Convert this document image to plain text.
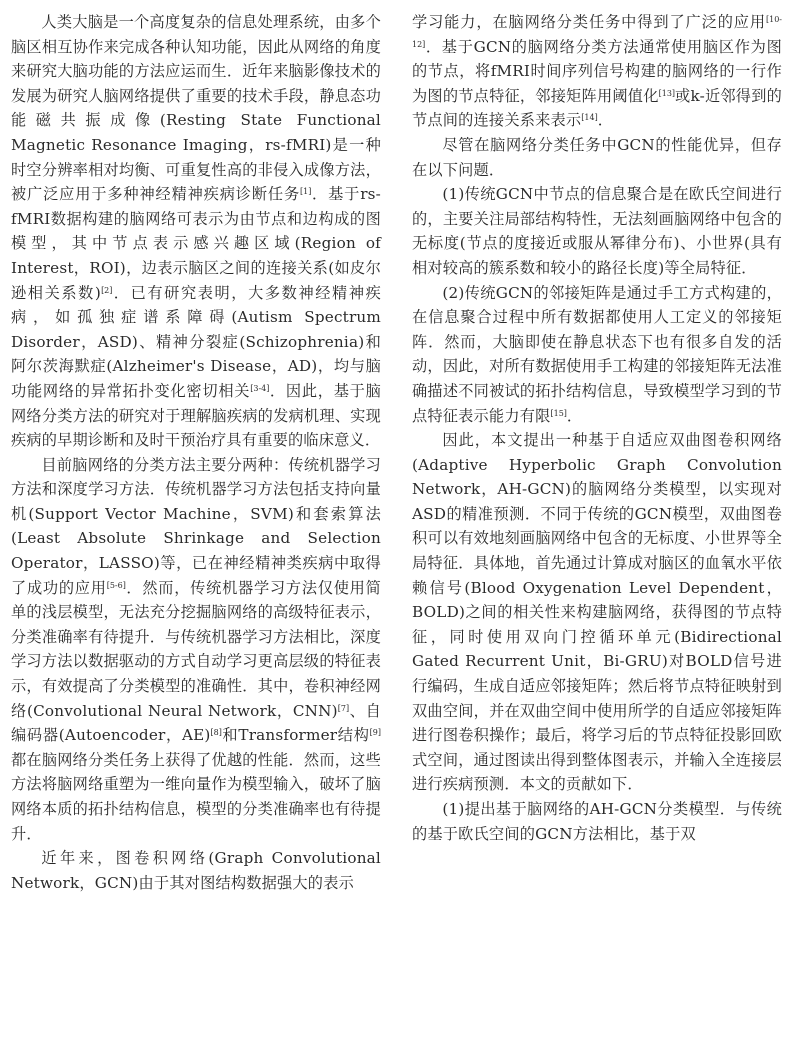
人类大脑是一个高度复杂的信息处理系统，由多个脑区相互协作来完成各种认知功能，因此从网络的角度来研究大脑功能的方法应运而生．近年来脑影像技术的发展为研究人脑网络提供了重要的技术手段，静息态功能磁共振成像(Resting State Functional Magnetic Resonance Imaging，rs-fMRI)是一种时空分辨率相对均衡、可重复性高的非侵入成像方法，被广泛应用于多种神经精神疾病诊断任务[1]．基于rs-fMRI数据构建的脑网络可表示为由节点和边构成的图模型，其中节点表示感兴趣区域(Region of Interest，ROI)，边表示脑区之间的连接关系(如皮尔逊相关系数)[2]．已有研究表明，大多数神经精神疾病，如孤独症谱系障碍(Autism Spectrum Disorder，ASD)、精神分裂症(Schizophrenia)和阿尔茨海默症(Alzheimer's Disease，AD)，均与脑功能网络的异常拓扑变化密切相关[3-4]．因此，基于脑网络分类方法的研究对于理解脑疾病的发病机理、实现疾病的早期诊断和及时干预治疗具有重要的临床意义．

目前脑网络的分类方法主要分两种：传统机器学习方法和深度学习方法．传统机器学习方法包括支持向量机(Support Vector Machine，SVM)和套索算法(Least Absolute Shrinkage and Selection Operator，LASSO)等，已在神经精神类疾病中取得了成功的应用[5-6]．然而，传统机器学习方法仅使用简单的浅层模型，无法充分挖掘脑网络的高级特征表示，分类准确率有待提升．与传统机器学习方法相比，深度学习方法以数据驱动的方式自动学习更高层级的特征表示，有效提高了分类模型的准确性．其中，卷积神经网络(Convolutional Neural Network，CNN)[7]、自编码器(Autoencoder，AE)[8]和Transformer结构[9]都在脑网络分类任务上获得了优越的性能．然而，这些方法将脑网络重塑为一维向量作为模型输入，破坏了脑网络本质的拓扑结构信息，模型的分类准确率也有待提升．

近年来，图卷积网络(Graph Convolutional Network，GCN)由于其对图结构数据强大的表示

学习能力，在脑网络分类任务中得到了广泛的应用[10-12]．基于GCN的脑网络分类方法通常使用脑区作为图的节点，将fMRI时间序列信号构建的脑网络的一行作为图的节点特征，邻接矩阵用阈值化[13]或k-近邻得到的节点间的连接关系来表示[14]．

尽管在脑网络分类任务中GCN的性能优异，但存在以下问题．

(1)传统GCN中节点的信息聚合是在欧氏空间进行的，主要关注局部结构特性，无法刻画脑网络中包含的无标度(节点的度接近或服从幂律分布)、小世界(具有相对较高的簇系数和较小的路径长度)等全局特征．

(2)传统GCN的邻接矩阵是通过手工方式构建的，在信息聚合过程中所有数据都使用人工定义的邻接矩阵．然而，大脑即使在静息状态下也有很多自发的活动，因此，对所有数据使用手工构建的邻接矩阵无法准确描述不同被试的拓扑结构信息，导致模型学习到的节点特征表示能力有限[15]．

因此，本文提出一种基于自适应双曲图卷积网络(Adaptive Hyperbolic Graph Convolution Network，AH-GCN)的脑网络分类模型，以实现对ASD的精准预测．不同于传统的GCN模型，双曲图卷积可以有效地刻画脑网络中包含的无标度、小世界等全局特征．具体地，首先通过计算成对脑区的血氧水平依赖信号(Blood Oxygenation Level Dependent，BOLD)之间的相关性来构建脑网络，获得图的节点特征，同时使用双向门控循环单元(Bidirectional Gated Recurrent Unit，Bi-GRU)对BOLD信号进行编码，生成自适应邻接矩阵；然后将节点特征映射到双曲空间，并在双曲空间中使用所学的自适应邻接矩阵进行图卷积操作；最后，将学习后的节点特征投影回欧式空间，通过图读出得到整体图表示，并输入全连接层进行疾病预测．本文的贡献如下．

(1)提出基于脑网络的AH-GCN分类模型．与传统的基于欧氏空间的GCN方法相比，基于双
